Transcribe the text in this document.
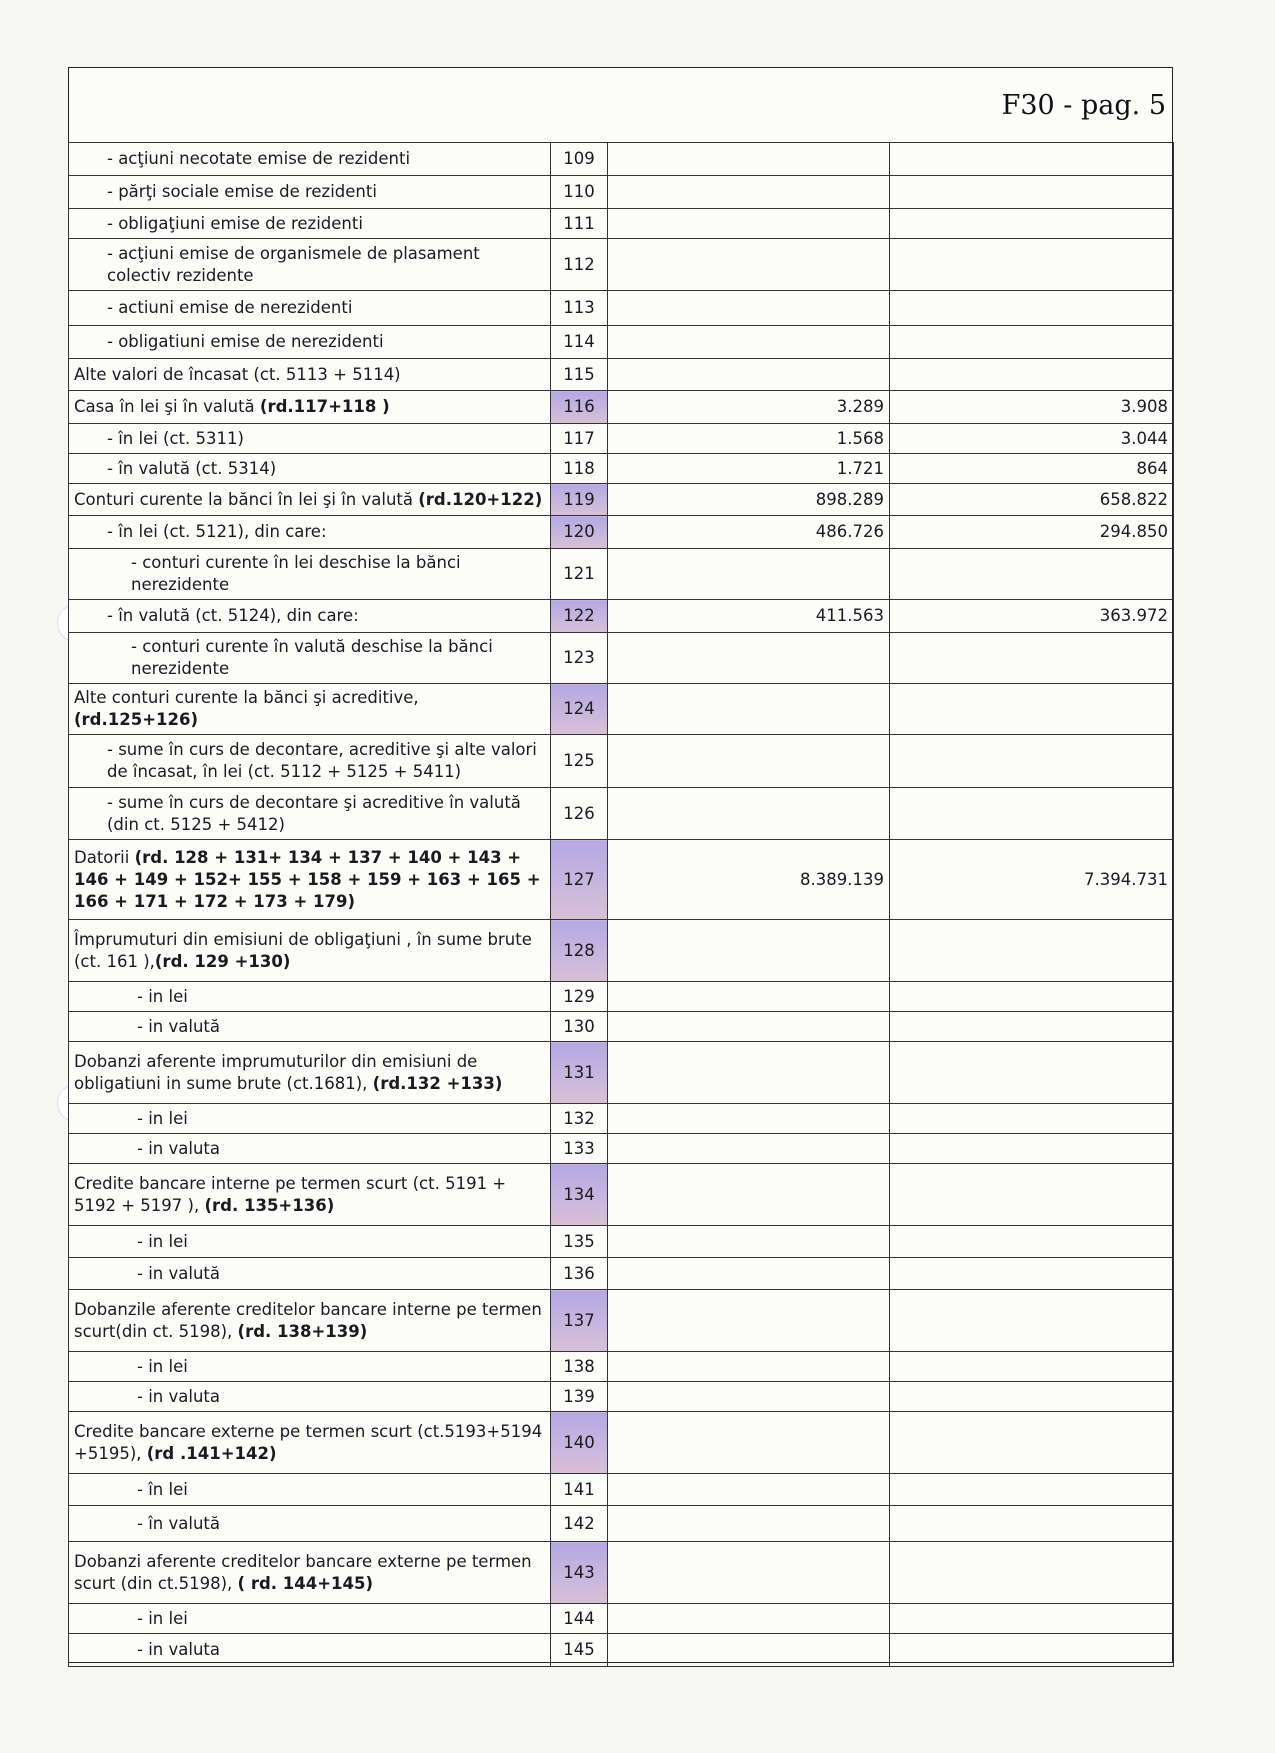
F30 - pag. 5
- acţiuni necotate emise de rezidenti	109		
- părţi sociale emise de rezidenti	110		
- obligaţiuni emise de rezidenti	111		
- acţiuni emise de organismele de plasament colectiv rezidente	112		
- actiuni emise de nerezidenti	113		
- obligatiuni emise de nerezidenti	114		
Alte valori de încasat (ct. 5113 + 5114)	115		
Casa în lei şi în valută (rd.117+118 )	116	3.289	3.908
- în lei (ct. 5311)	117	1.568	3.044
- în valută (ct. 5314)	118	1.721	864
Conturi curente la bănci în lei şi în valută (rd.120+122)	119	898.289	658.822
- în lei (ct. 5121), din care:	120	486.726	294.850
- conturi curente în lei deschise la bănci nerezidente	121		
- în valută (ct. 5124), din care:	122	411.563	363.972
- conturi curente în valută deschise la bănci nerezidente	123		
Alte conturi curente la bănci şi acreditive, (rd.125+126)	124		
- sume în curs de decontare, acreditive şi alte valori de încasat, în lei (ct. 5112 + 5125 + 5411)	125		
- sume în curs de decontare şi acreditive în valută (din ct. 5125 + 5412)	126		
Datorii (rd. 128 + 131+ 134 + 137 + 140 + 143 + 146 + 149 + 152+ 155 + 158 + 159 + 163 + 165 + 166 + 171 + 172 + 173 + 179)	127	8.389.139	7.394.731
Împrumuturi din emisiuni de obligaţiuni , în sume brute (ct. 161 ),(rd. 129 +130)	128		
- in lei	129		
- in valută	130		
Dobanzi aferente imprumuturilor din emisiuni de obligatiuni in sume brute (ct.1681), (rd.132 +133)	131		
- in lei	132		
- in valuta	133		
Credite bancare interne pe termen scurt (ct. 5191 + 5192 + 5197 ), (rd. 135+136)	134		
- in lei	135		
- in valută	136		
Dobanzile aferente creditelor bancare interne pe termen scurt(din ct. 5198), (rd. 138+139)	137		
- in lei	138		
- in valuta	139		
Credite bancare externe pe termen scurt (ct.5193+5194 +5195), (rd .141+142)	140		
- în lei	141		
- în valută	142		
Dobanzi aferente creditelor bancare externe pe termen scurt (din ct.5198), ( rd. 144+145)	143		
- in lei	144		
- in valuta	145		
